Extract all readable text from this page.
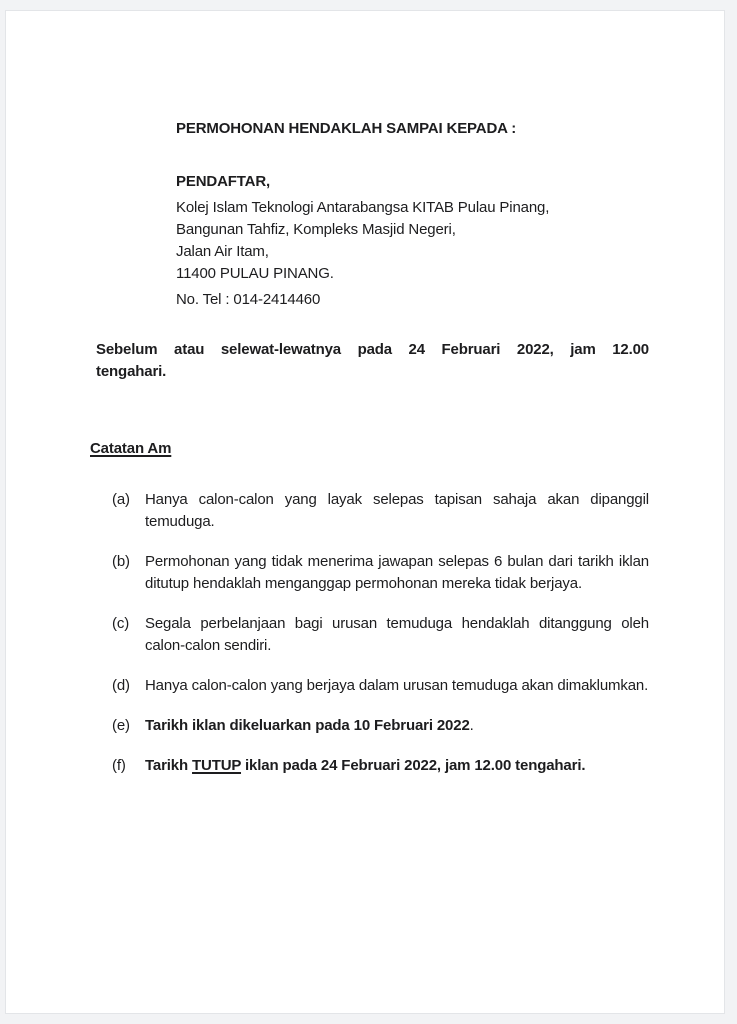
PERMOHONAN HENDAKLAH SAMPAI KEPADA :
PENDAFTAR,
Kolej Islam Teknologi Antarabangsa KITAB Pulau Pinang,
Bangunan Tahfiz, Kompleks Masjid Negeri,
Jalan Air Itam,
11400 PULAU PINANG.
No. Tel : 014-2414460
Sebelum atau selewat-lewatnya pada 24 Februari 2022, jam 12.00 tengahari.
Catatan Am
(a)	Hanya calon-calon yang layak selepas tapisan sahaja akan dipanggil temuduga.
(b)	Permohonan yang tidak menerima jawapan selepas 6 bulan dari tarikh iklan ditutup hendaklah menganggap permohonan mereka tidak berjaya.
(c)	Segala perbelanjaan bagi urusan temuduga hendaklah ditanggung oleh calon-calon sendiri.
(d)	Hanya calon-calon yang berjaya dalam urusan temuduga akan dimaklumkan.
(e)	Tarikh iklan dikeluarkan pada 10 Februari 2022.
(f)	Tarikh TUTUP iklan pada 24 Februari 2022, jam 12.00 tengahari.
